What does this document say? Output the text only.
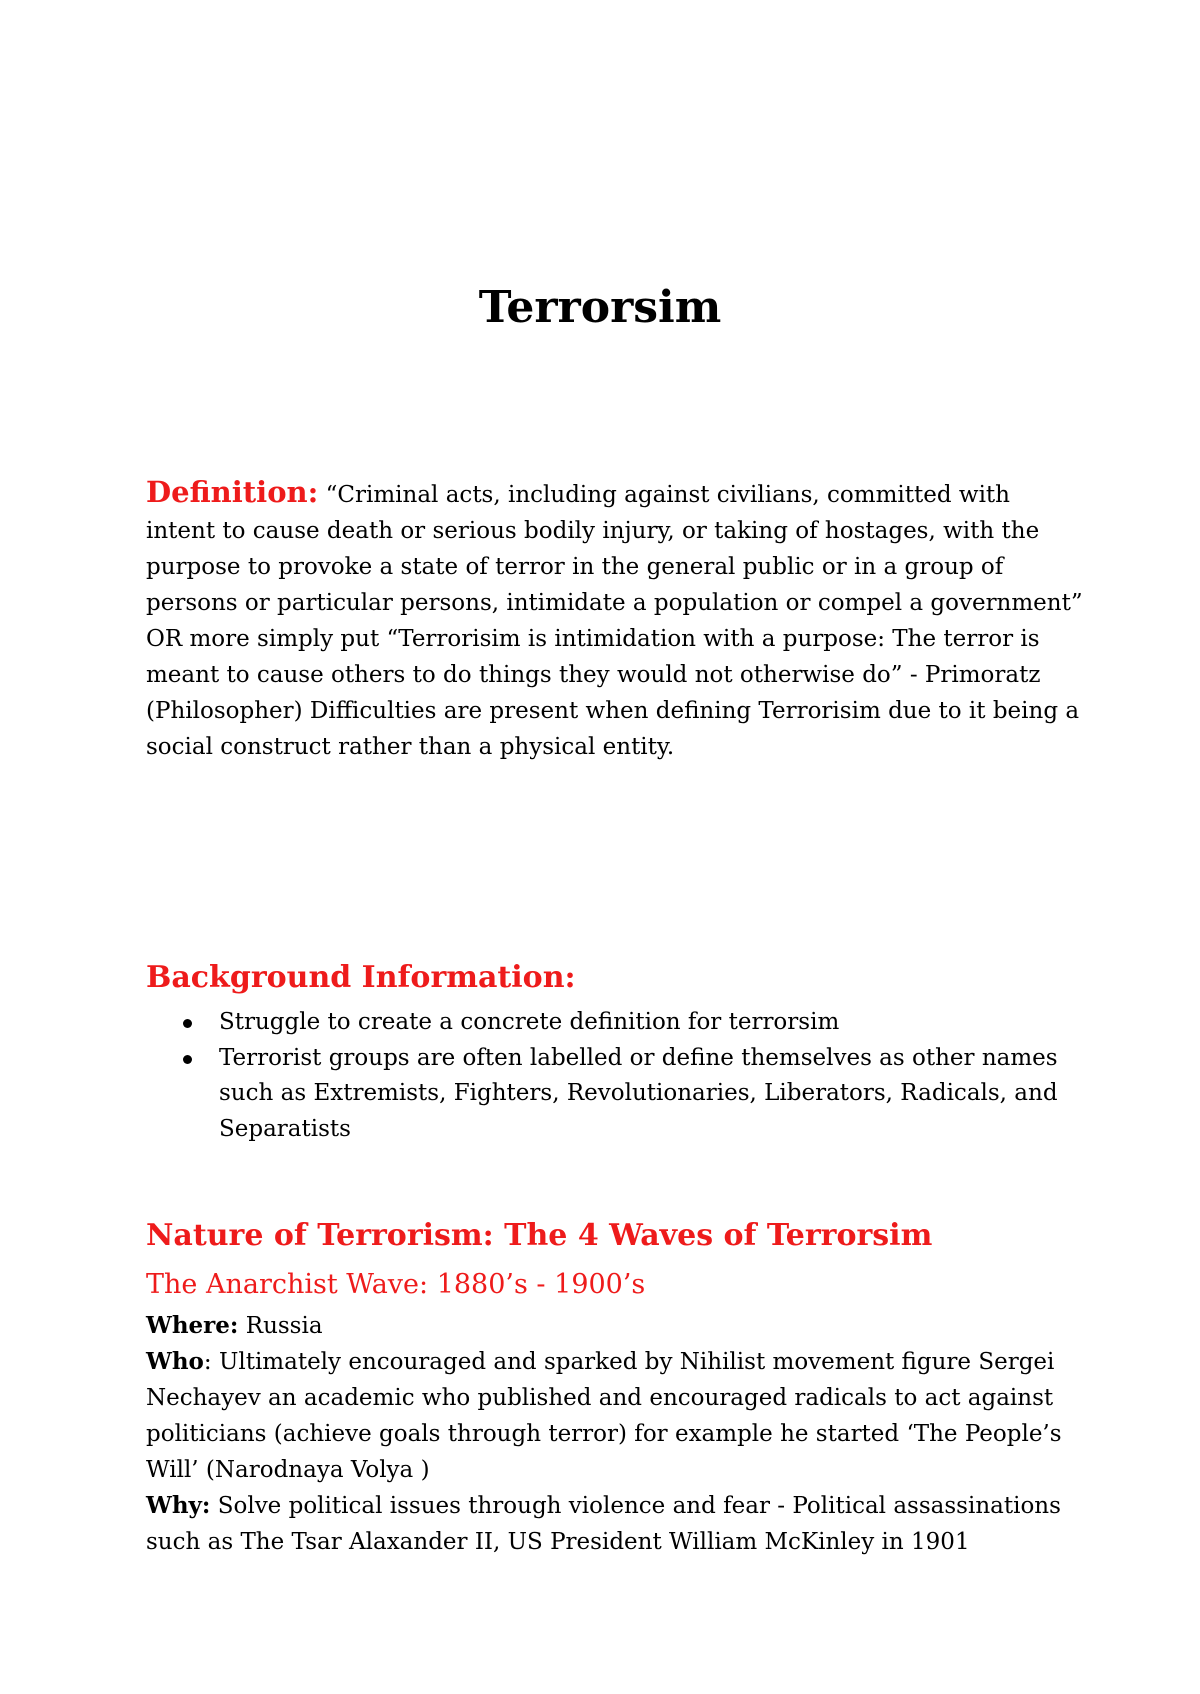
Terrorsim

Definition: “Criminal acts, including against civilians, committed with intent to cause death or serious bodily injury, or taking of hostages, with the purpose to provoke a state of terror in the general public or in a group of persons or particular persons, intimidate a population or compel a government” OR more simply put “Terrorisim is intimidation with a purpose: The terror is meant to cause others to do things they would not otherwise do” - Primoratz (Philosopher) Difficulties are present when defining Terrorisim due to it being a social construct rather than a physical entity.

Background Information:
Struggle to create a concrete definition for terrorsim
Terrorist groups are often labelled or define themselves as other names such as Extremists, Fighters, Revolutionaries, Liberators, Radicals, and Separatists
Nature of Terrorism: The 4 Waves of Terrorsim
The Anarchist Wave: 1880’s - 1900’s
Where: Russia
Who: Ultimately encouraged and sparked by Nihilist movement figure Sergei Nechayev an academic who published and encouraged radicals to act against politicians (achieve goals through terror) for example he started ‘The People’s Will’ (Narodnaya Volya )
Why: Solve political issues through violence and fear - Political assassinations such as The Tsar Alaxander II, US President William McKinley in 1901
